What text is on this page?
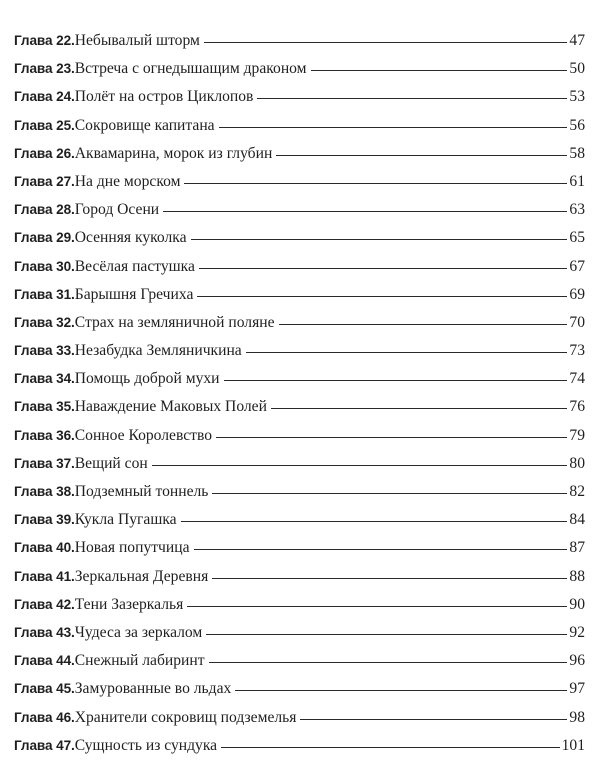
Глава 22. Небывалый шторм	47
Глава 23. Встреча с огнедышащим драконом	50
Глава 24. Полёт на остров Циклопов	53
Глава 25. Сокровище капитана	56
Глава 26. Аквамарина, морок из глубин	58
Глава 27. На дне морском	61
Глава 28. Город Осени	63
Глава 29. Осенняя куколка	65
Глава 30. Весёлая пастушка	67
Глава 31. Барышня Гречиха	69
Глава 32. Страх на земляничной поляне	70
Глава 33. Незабудка Земляничкина	73
Глава 34. Помощь доброй мухи	74
Глава 35. Наваждение Маковых Полей	76
Глава 36. Сонное Королевство	79
Глава 37. Вещий сон	80
Глава 38. Подземный тоннель	82
Глава 39. Кукла Пугашка	84
Глава 40. Новая попутчица	87
Глава 41. Зеркальная Деревня	88
Глава 42. Тени Зазеркалья	90
Глава 43. Чудеса за зеркалом	92
Глава 44. Снежный лабиринт	96
Глава 45. Замурованные во льдах	97
Глава 46. Хранители сокровищ подземелья	98
Глава 47. Сущность из сундука	101
